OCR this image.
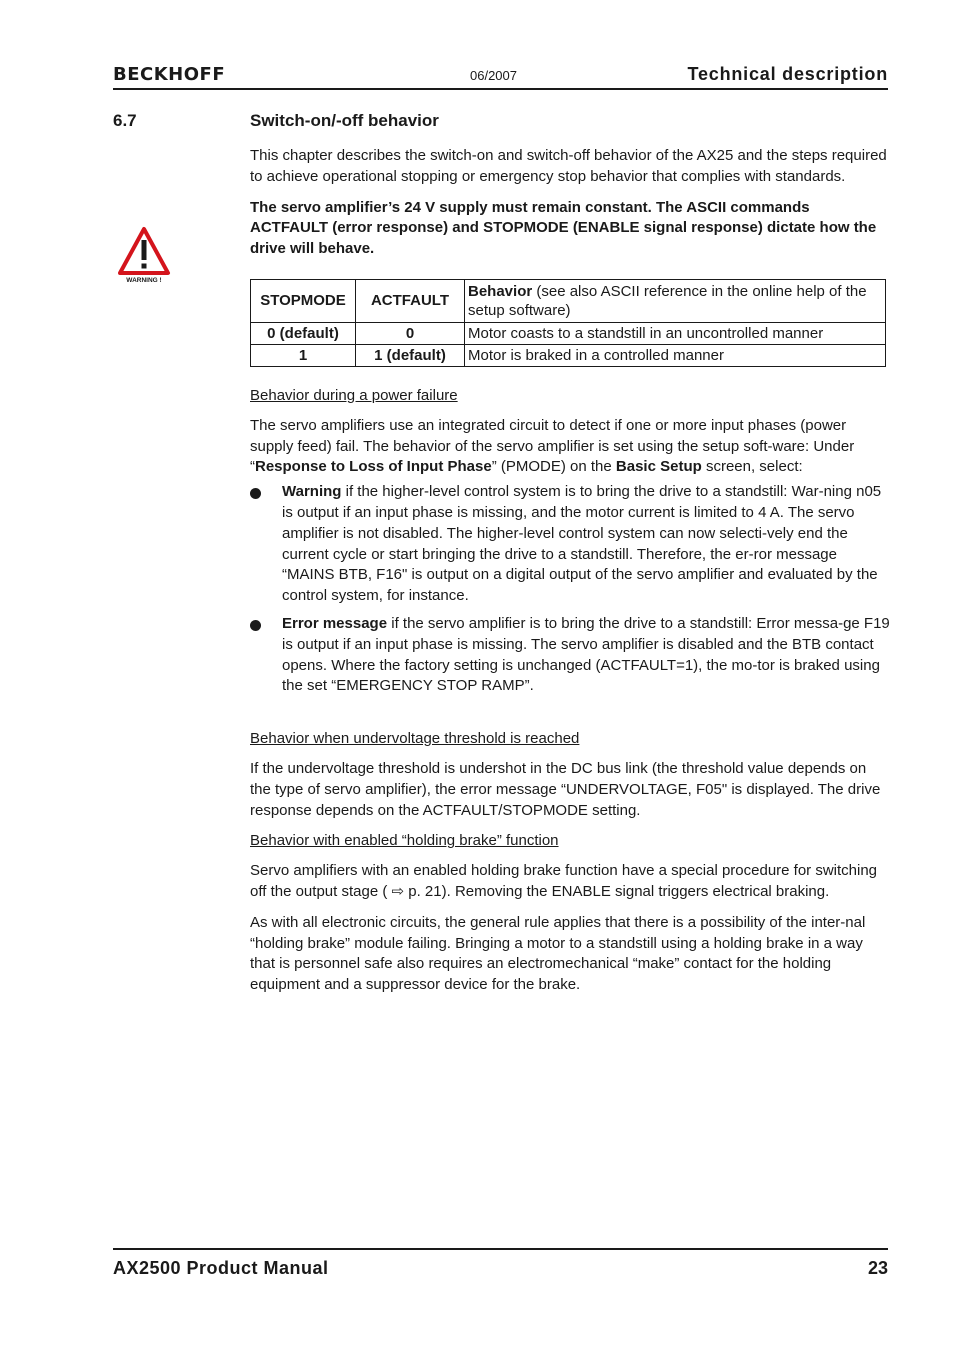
BECKHOFF	06/2007	Technical description
6.7	Switch-on/-off behavior
WARNING !

This chapter describes the switch-on and switch-off behavior of the AX25 and the steps required to achieve operational stopping or emergency stop behavior that complies with standards.

The servo amplifier’s 24 V supply must remain constant. The ASCII commands ACTFAULT (error response) and STOPMODE (ENABLE signal response) dictate how the drive will behave.

STOPMODE	ACTFAULT	Behavior (see also ASCII reference in the online help of the setup software)
0 (default)	0	Motor coasts to a standstill in an uncontrolled manner
1	1 (default)	Motor is braked in a controlled manner

Behavior during a power failure

The servo amplifiers use an integrated circuit to detect if one or more input phases (power supply feed) fail. The behavior of the servo amplifier is set using the setup soft-ware: Under “Response to Loss of Input Phase” (PMODE) on the Basic Setup screen, select:

Warning if the higher-level control system is to bring the drive to a standstill: War-ning n05 is output if an input phase is missing, and the motor current is limited to 4 A. The servo amplifier is not disabled. The higher-level control system can now selecti-vely end the current cycle or start bringing the drive to a standstill. Therefore, the er-ror message “MAINS BTB, F16" is output on a digital output of the servo amplifier and evaluated by the control system, for instance.
Error message if the servo amplifier is to bring the drive to a standstill: Error messa-ge F19 is output if an input phase is missing. The servo amplifier is disabled and the BTB contact opens. Where the factory setting is unchanged (ACTFAULT=1), the mo-tor is braked using the set “EMERGENCY STOP RAMP”.

Behavior when undervoltage threshold is reached

If the undervoltage threshold is undershot in the DC bus link (the threshold value depends on the type of servo amplifier), the error message “UNDERVOLTAGE, F05" is displayed. The drive response depends on the ACTFAULT/STOPMODE setting.

Behavior with enabled “holding brake” function

Servo amplifiers with an enabled holding brake function have a special procedure for switching off the output stage ( ⇨ p. 21). Removing the ENABLE signal triggers electrical braking.

As with all electronic circuits, the general rule applies that there is a possibility of the inter-nal “holding brake” module failing. Bringing a motor to a standstill using a holding brake in a way that is personnel safe also requires an electromechanical “make” contact for the holding equipment and a suppressor device for the brake.

AX2500 Product Manual	23
